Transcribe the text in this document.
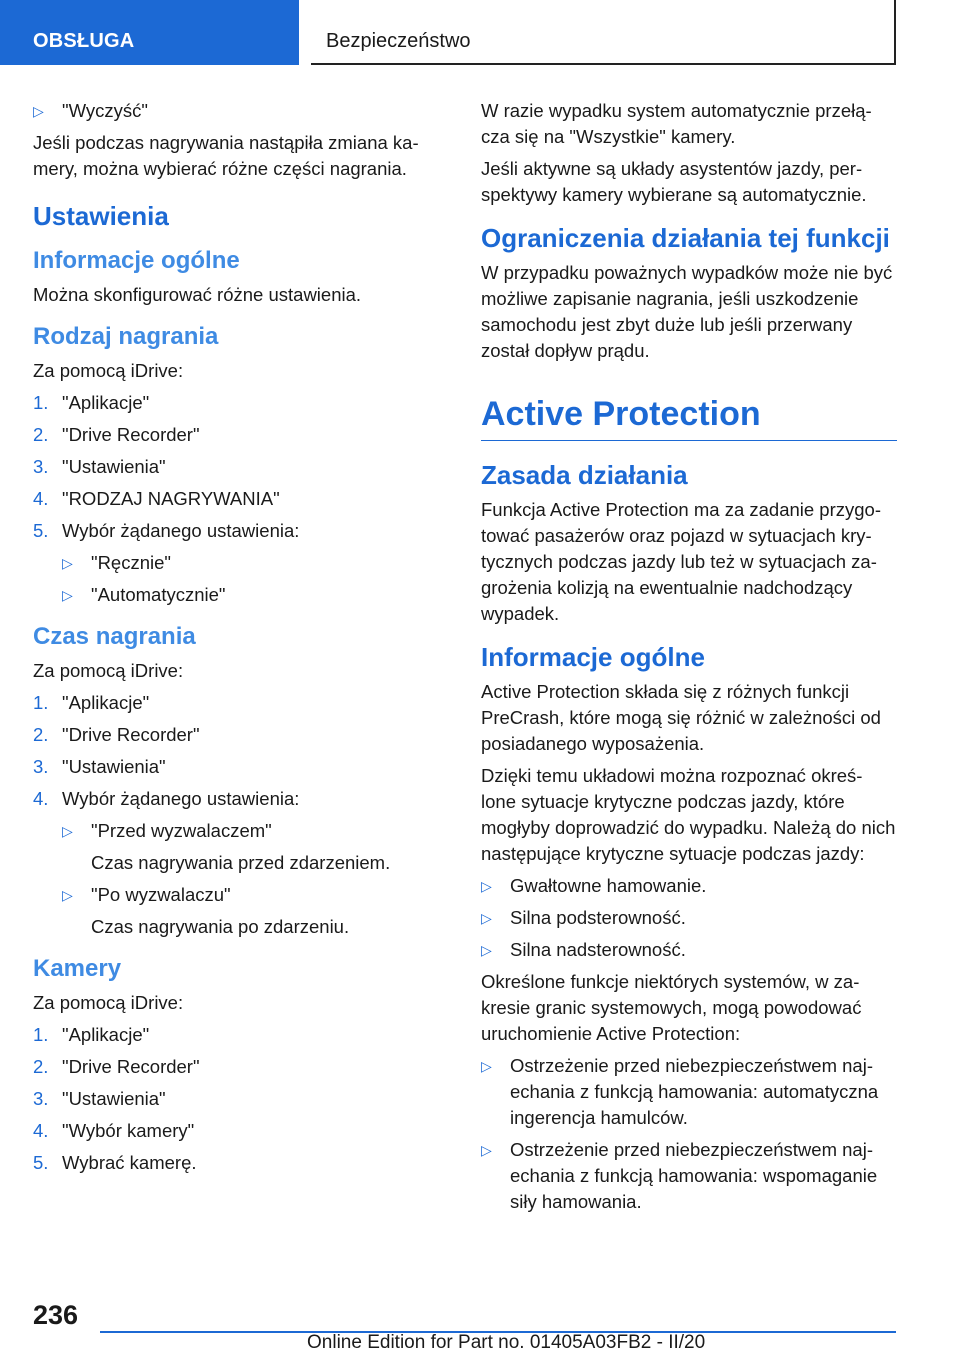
OBSŁUGA	Bezpieczeństwo
▷ "Wyczyść"

Jeśli podczas nagrywania nastąpiła zmiana ka-mery, można wybierać różne części nagrania.

Ustawienia
Informacje ogólne

Można skonfigurować różne ustawienia.

Rodzaj nagrania

Za pomocą iDrive:

1. "Aplikacje"
2. "Drive Recorder"
3. "Ustawienia"
4. "RODZAJ NAGRYWANIA"
5. Wybór żądanego ustawienia:
▷ "Ręcznie"
▷ "Automatycznie"
Czas nagrania

Za pomocą iDrive:

1. "Aplikacje"
2. "Drive Recorder"
3. "Ustawienia"
4. Wybór żądanego ustawienia:
▷ "Przed wyzwalaczem"
Czas nagrywania przed zdarzeniem.
▷ "Po wyzwalaczu"
Czas nagrywania po zdarzeniu.
Kamery

Za pomocą iDrive:

1. "Aplikacje"
2. "Drive Recorder"
3. "Ustawienia"
4. "Wybór kamery"
5. Wybrać kamerę.

W razie wypadku system automatycznie przełą-cza się na "Wszystkie" kamery.

Jeśli aktywne są układy asystentów jazdy, per-spektywy kamery wybierane są automatycznie.

Ograniczenia działania tej funkcji

W przypadku poważnych wypadków może nie być możliwe zapisanie nagrania, jeśli uszkodzenie samochodu jest zbyt duże lub jeśli przerwany został dopływ prądu.

Active Protection
Zasada działania

Funkcja Active Protection ma za zadanie przygo-tować pasażerów oraz pojazd w sytuacjach kry-tycznych podczas jazdy lub też w sytuacjach za-grożenia kolizją na ewentualnie nadchodzący wypadek.

Informacje ogólne

Active Protection składa się z różnych funkcji PreCrash, które mogą się różnić w zależności od posiadanego wyposażenia.

Dzięki temu układowi można rozpoznać okreś-lone sytuacje krytyczne podczas jazdy, które mogłyby doprowadzić do wypadku. Należą do nich następujące krytyczne sytuacje podczas jazdy:

▷ Gwałtowne hamowanie.
▷ Silna podsterowność.
▷ Silna nadsterowność.

Określone funkcje niektórych systemów, w za-kresie granic systemowych, mogą powodować uruchomienie Active Protection:

▷ Ostrzeżenie przed niebezpieczeństwem naj-echania z funkcją hamowania: automatyczna ingerencja hamulców.
▷ Ostrzeżenie przed niebezpieczeństwem naj-echania z funkcją hamowania: wspomaganie siły hamowania.
236
Online Edition for Part no. 01405A03FB2 - II/20
